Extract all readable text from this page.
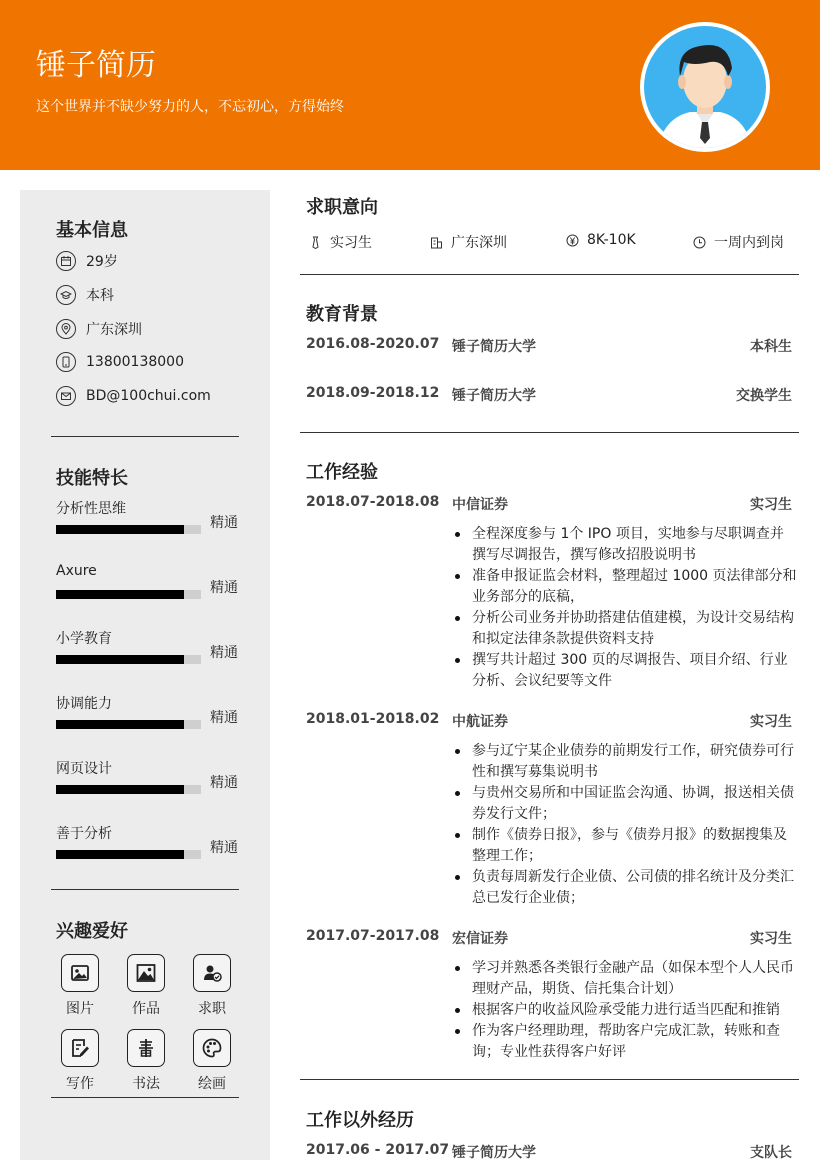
锤子简历
这个世界并不缺少努力的人，不忘初心，方得始终
基本信息
29岁
本科
广东深圳
13800138000
BD@100chui.com
技能特长
分析性思维
精通
Axure
精通
小学教育
精通
协调能力
精通
网页设计
精通
善于分析
精通
兴趣爱好
图片	作品	求职
写作	书法	绘画
求职意向
实习生	广东深圳	8K-10K	一周内到岗
教育背景
2016.08-2020.07 锤子简历大学	本科生
2018.09-2018.12 锤子简历大学	交换学生
工作经验
2018.07-2018.08 中信证券	实习生
全程深度参与 1个 IPO 项目，实地参与尽职调查并撰写尽调报告，撰写修改招股说明书
准备申报证监会材料，整理超过 1000 页法律部分和业务部分的底稿，
分析公司业务并协助搭建估值建模，为设计交易结构和拟定法律条款提供资料支持
撰写共计超过 300 页的尽调报告、项目介绍、行业分析、会议纪要等文件
2018.01-2018.02 中航证券	实习生
参与辽宁某企业债券的前期发行工作，研究债券可行性和撰写募集说明书
与贵州交易所和中国证监会沟通、协调，报送相关债券发行文件；
制作《债券日报》，参与《债券月报》的数据搜集及整理工作；
负责每周新发行企业债、公司债的排名统计及分类汇总已发行企业债；
2017.07-2017.08 宏信证券	实习生
学习并熟悉各类银行金融产品（如保本型个人人民币理财产品，期货、信托集合计划）
根据客户的收益风险承受能力进行适当匹配和推销
作为客户经理助理，帮助客户完成汇款，转账和查询；专业性获得客户好评
工作以外经历
2017.06 - 2017.07 锤子简历大学	支队长
